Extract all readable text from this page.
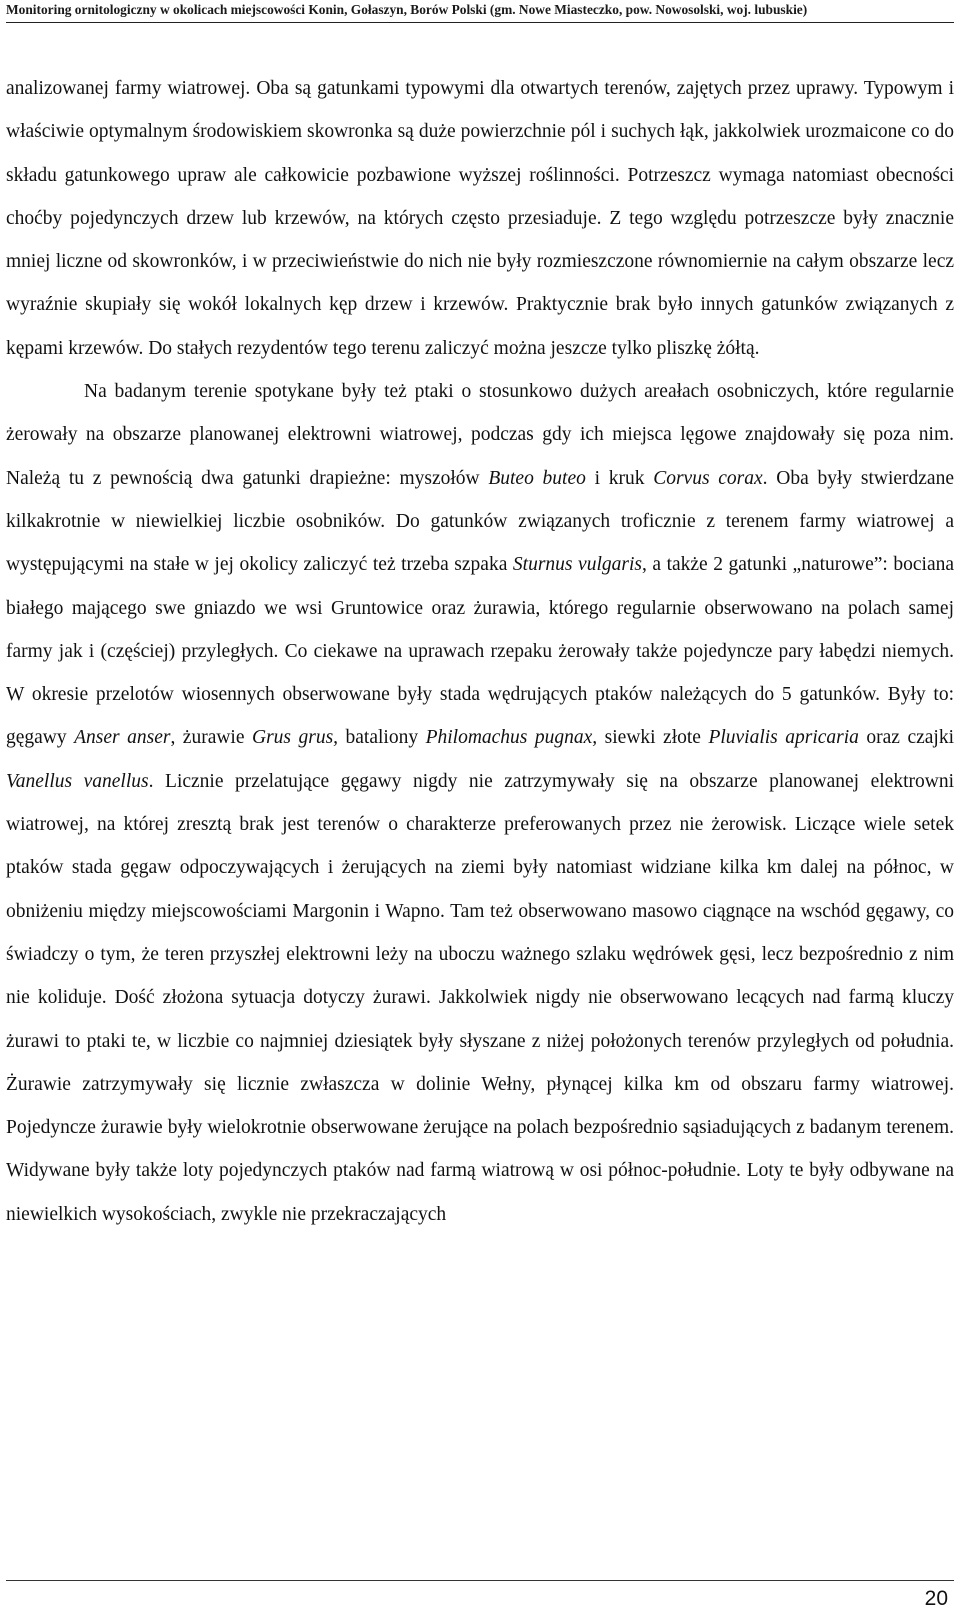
Monitoring ornitologiczny w okolicach miejscowości Konin, Gołaszyn, Borów Polski (gm. Nowe Miasteczko, pow. Nowosolski, woj. lubuskie)

analizowanej farmy wiatrowej. Oba są gatunkami typowymi dla otwartych terenów, zajętych przez uprawy. Typowym i właściwie optymalnym środowiskiem skowronka są duże powierzchnie pól i suchych łąk, jakkolwiek urozmaicone co do składu gatunkowego upraw ale całkowicie pozbawione wyższej roślinności. Potrzeszcz wymaga natomiast obecności choćby pojedynczych drzew lub krzewów, na których często przesiaduje. Z tego względu potrzeszcze były znacznie mniej liczne od skowronków, i w przeciwieństwie do nich nie były rozmieszczone równomiernie na całym obszarze lecz wyraźnie skupiały się wokół lokalnych kęp drzew i krzewów. Praktycznie brak było innych gatunków związanych z kępami krzewów. Do stałych rezydentów tego terenu zaliczyć można jeszcze tylko pliszkę żółtą.

Na badanym terenie spotykane były też ptaki o stosunkowo dużych areałach osobniczych, które regularnie żerowały na obszarze planowanej elektrowni wiatrowej, podczas gdy ich miejsca lęgowe znajdowały się poza nim. Należą tu z pewnością dwa gatunki drapieżne: myszołów Buteo buteo i kruk Corvus corax. Oba były stwierdzane kilkakrotnie w niewielkiej liczbie osobników. Do gatunków związanych troficznie z terenem farmy wiatrowej a występującymi na stałe w jej okolicy zaliczyć też trzeba szpaka Sturnus vulgaris, a także 2 gatunki „naturowe”: bociana białego mającego swe gniazdo we wsi Gruntowice oraz żurawia, którego regularnie obserwowano na polach samej farmy jak i (częściej) przyległych. Co ciekawe na uprawach rzepaku żerowały także pojedyncze pary łabędzi niemych. W okresie przelotów wiosennych obserwowane były stada wędrujących ptaków należących do 5 gatunków. Były to: gęgawy Anser anser, żurawie Grus grus, bataliony Philomachus pugnax, siewki złote Pluvialis apricaria oraz czajki Vanellus vanellus. Licznie przelatujące gęgawy nigdy nie zatrzymywały się na obszarze planowanej elektrowni wiatrowej, na której zresztą brak jest terenów o charakterze preferowanych przez nie żerowisk. Liczące wiele setek ptaków stada gęgaw odpoczywających i żerujących na ziemi były natomiast widziane kilka km dalej na północ, w obniżeniu między miejscowościami Margonin i Wapno. Tam też obserwowano masowo ciągnące na wschód gęgawy, co świadczy o tym, że teren przyszłej elektrowni leży na uboczu ważnego szlaku wędrówek gęsi, lecz bezpośrednio z nim nie koliduje. Dość złożona sytuacja dotyczy żurawi. Jakkolwiek nigdy nie obserwowano lecących nad farmą kluczy żurawi to ptaki te, w liczbie co najmniej dziesiątek były słyszane z niżej położonych terenów przyległych od południa. Żurawie zatrzymywały się licznie zwłaszcza w dolinie Wełny, płynącej kilka km od obszaru farmy wiatrowej. Pojedyncze żurawie były wielokrotnie obserwowane żerujące na polach bezpośrednio sąsiadujących z badanym terenem. Widywane były także loty pojedynczych ptaków nad farmą wiatrową w osi północ-południe. Loty te były odbywane na niewielkich wysokościach, zwykle nie przekraczających

20
